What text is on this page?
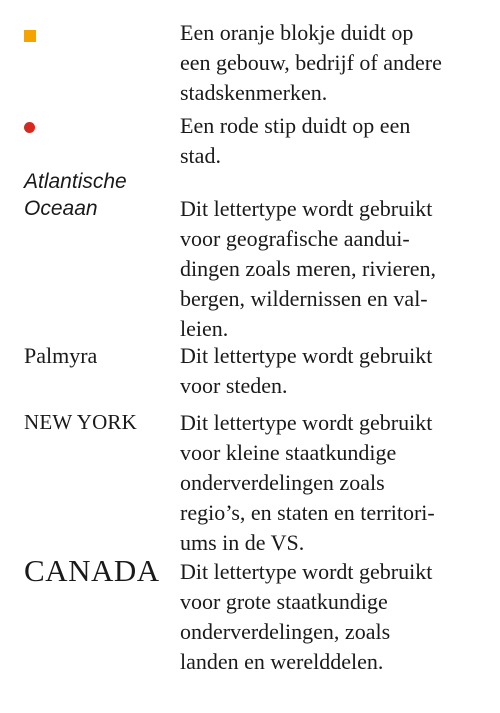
Een oranje blokje duidt op
een gebouw, bedrijf of andere
stadskenmerken.
Een rode stip duidt op een
stad.
Atlantische
Oceaan	Dit lettertype wordt gebruikt
voor geografische aandui-
dingen zoals meren, rivieren,
bergen, wildernissen en val-
leien.
Palmyra	Dit lettertype wordt gebruikt
voor steden.
NEW YORK Dit lettertype wordt gebruikt
voor kleine staatkundige
onderverdelingen zoals
regio’s, en staten en territori-
ums in de VS.
CANADA Dit lettertype wordt gebruikt
voor grote staatkundige
onderverdelingen, zoals
landen en werelddelen.
